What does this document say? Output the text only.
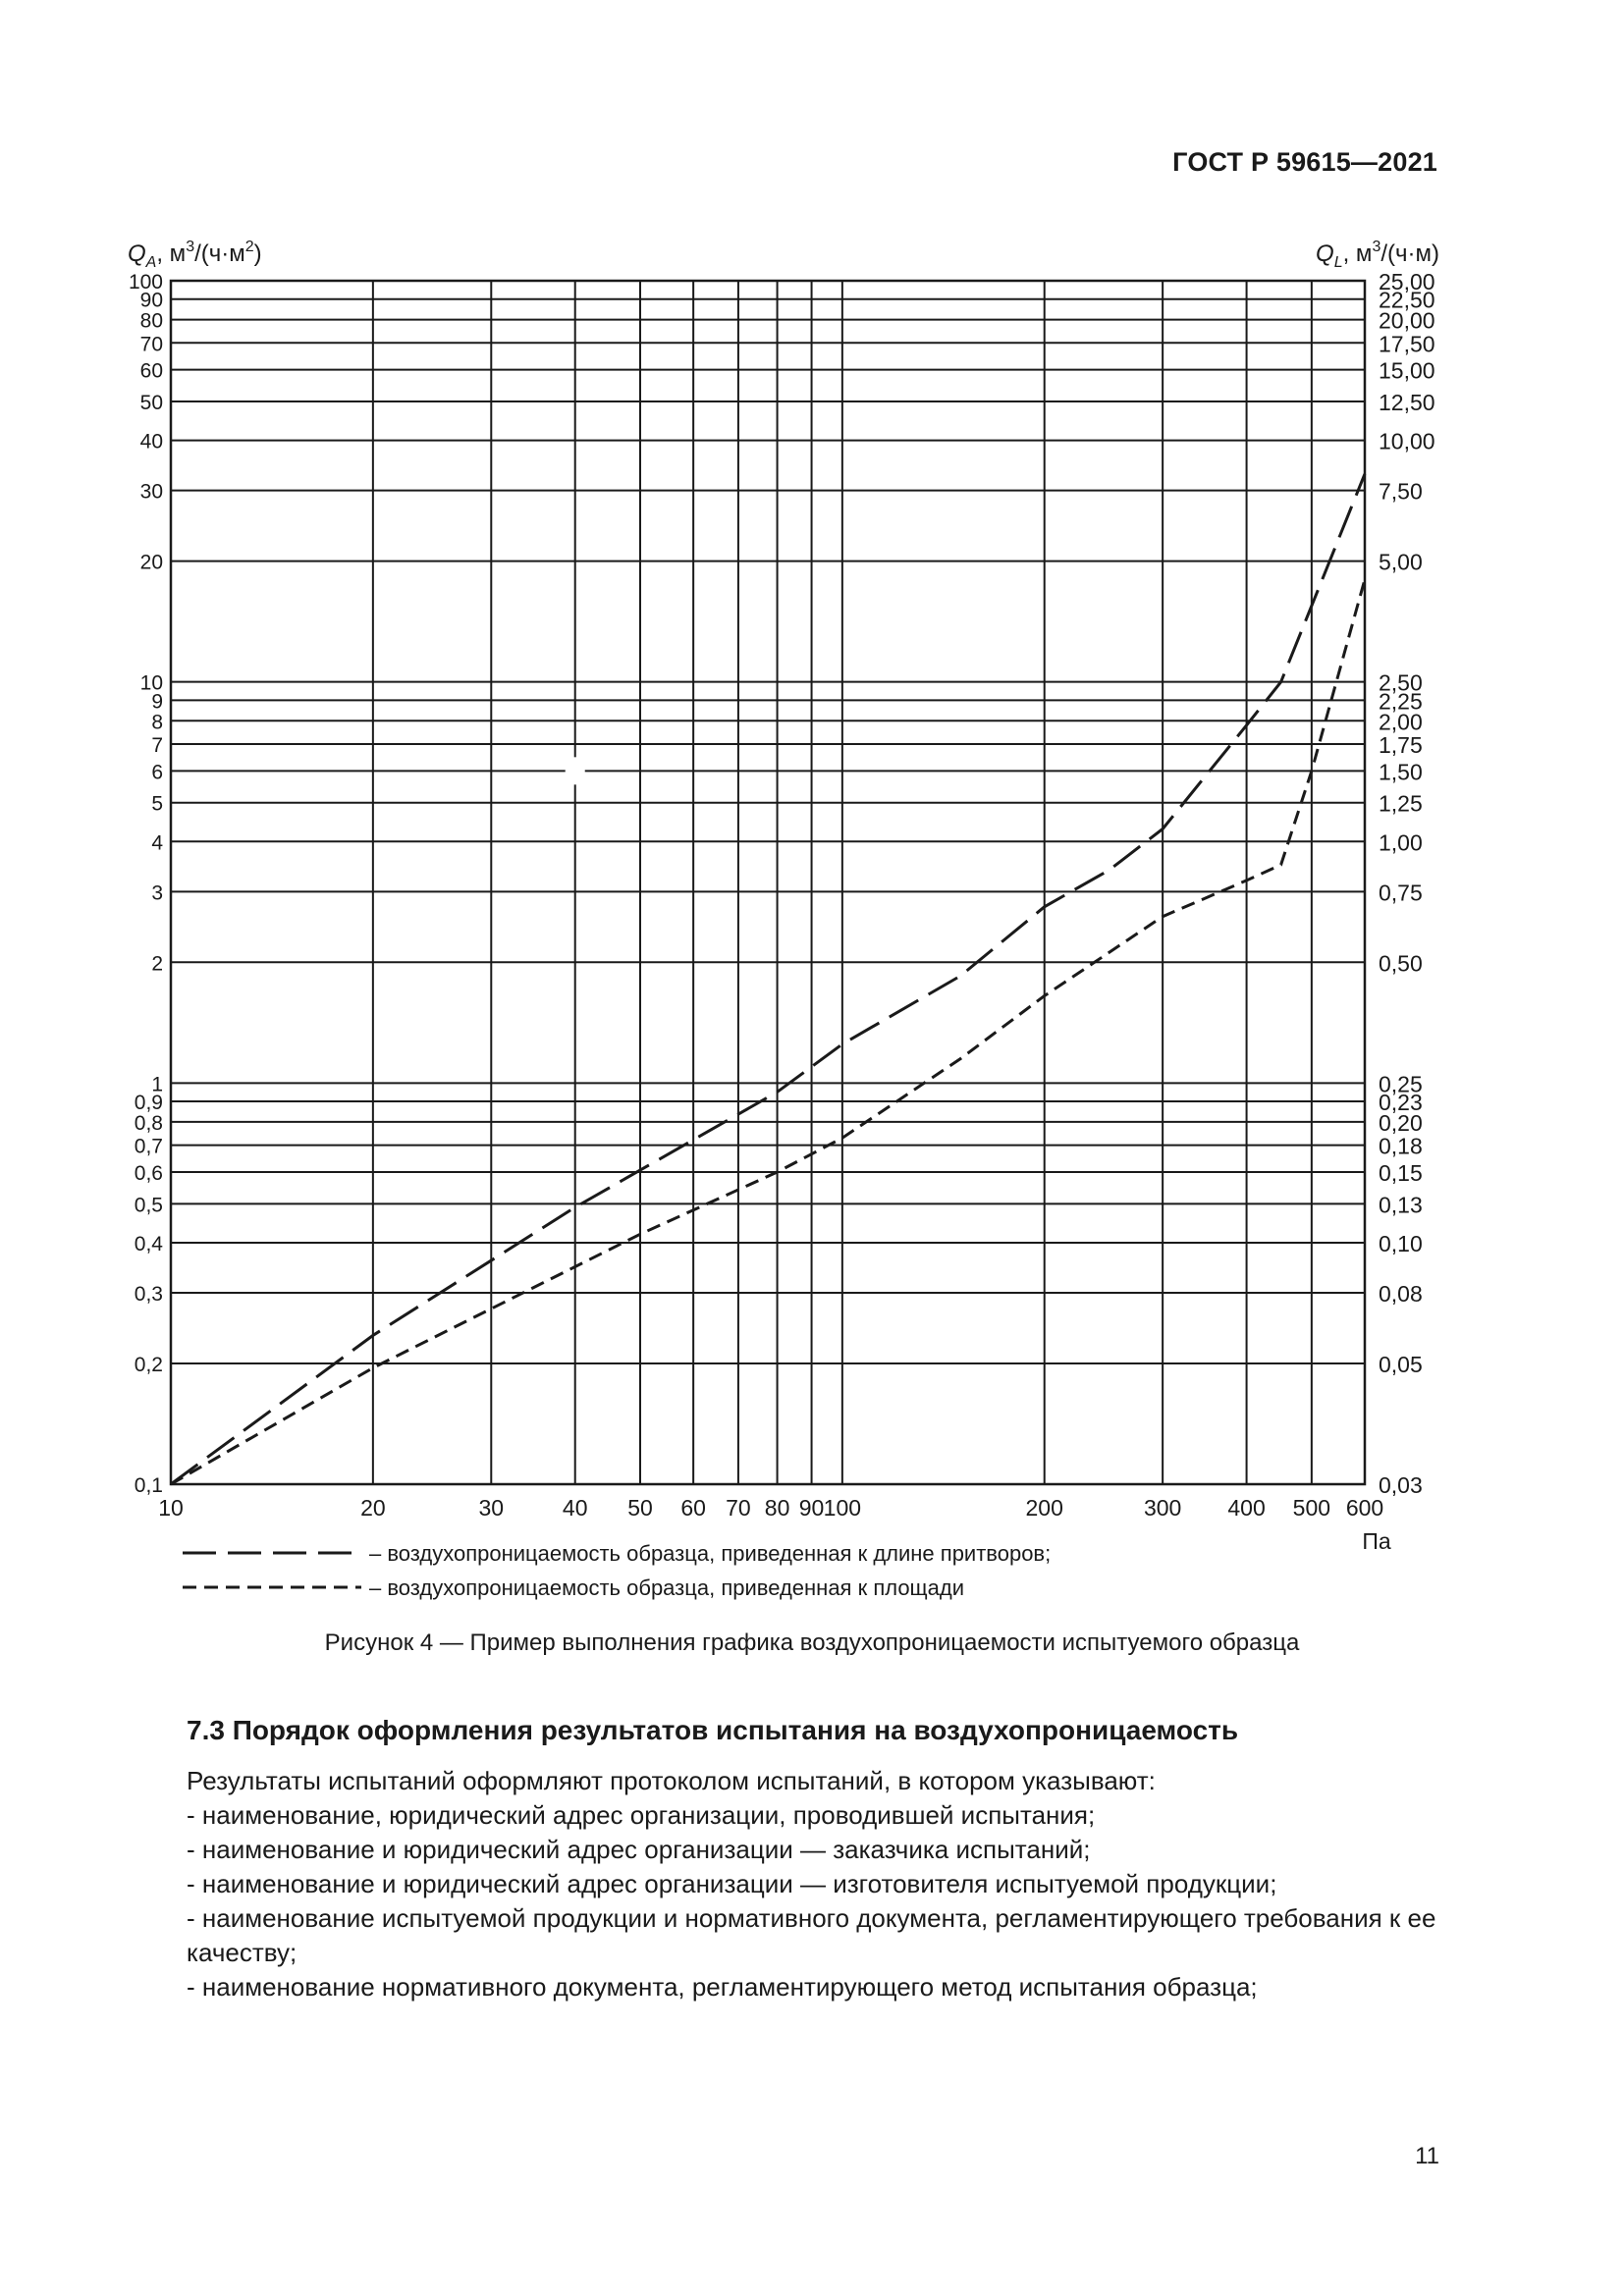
ГОСТ Р 59615—2021
0,1	0,03
0,2	0,05
0,3	0,08
0,4	0,10
0,5	0,13
0,6	0,15
0,7	0,18
0,8	0,20
0,9	0,23
1	0,25
2	0,50
3	0,75
4	1,00
5	1,25
6	1,50
7	1,75
8	2,00
9	2,25
10	2,50
20	5,00
30	7,50
40	10,00
50	12,50
60	15,00
70	17,50
80	20,00
90	22,50
100	25,00
10	20	30	40 50 60 70 80 90 100	200	300 400 500 600
Па
$Q_A$, $м^3/(ч\cdot м^2)$	$Q_L$, $м^3/(ч\cdot м)$
– воздухопроницаемость образца, приведенная к длине притворов;
– воздухопроницаемость образца, приведенная к площади
Рисунок 4 — Пример выполнения графика воздухопроницаемости испытуемого образца
7.3 Порядок оформления результатов испытания на воздухопроницаемость

Результаты испытаний оформляют протоколом испытаний, в котором указывают:

- наименование, юридический адрес организации, проводившей испытания;

- наименование и юридический адрес организации — заказчика испытаний;

- наименование и юридический адрес организации — изготовителя испытуемой продукции;

- наименование испытуемой продукции и нормативного документа, регламентирующего требования к ее качеству;

- наименование нормативного документа, регламентирующего метод испытания образца;

11
